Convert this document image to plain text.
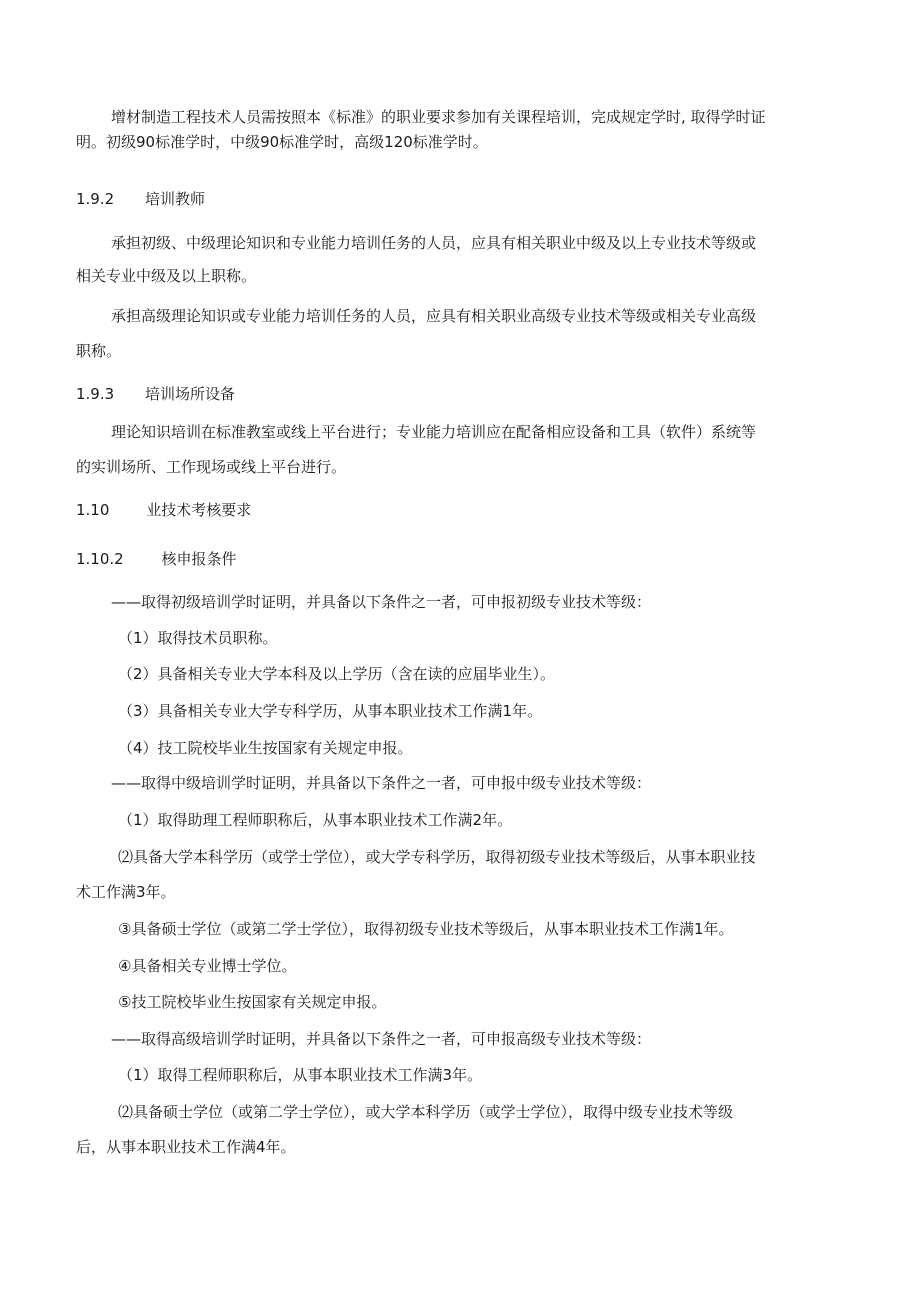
增材制造工程技术人员需按照本《标准》的职业要求参加有关课程培训，完成规定学时, 取得学时证
明。初级90标准学时，中级90标准学时，高级120标准学时。
1.9.2 培训教师
承担初级、中级理论知识和专业能力培训任务的人员，应具有相关职业中级及以上专业技术等级或
相关专业中级及以上职称。
承担高级理论知识或专业能力培训任务的人员，应具有相关职业高级专业技术等级或相关专业高级
职称。
1.9.3 培训场所设备
理论知识培训在标准教室或线上平台进行；专业能力培训应在配备相应设备和工具（软件）系统等
的实训场所、工作现场或线上平台进行。
1.10 业技术考核要求
1.10.2	核申报条件
——取得初级培训学时证明，并具备以下条件之一者，可申报初级专业技术等级：
（1）取得技术员职称。
（2）具备相关专业大学本科及以上学历（含在读的应届毕业生）。
（3）具备相关专业大学专科学历，从事本职业技术工作满1年。
（4）技工院校毕业生按国家有关规定申报。
——取得中级培训学时证明，并具备以下条件之一者，可申报中级专业技术等级：
（1）取得助理工程师职称后，从事本职业技术工作满2年。
⑵具备大学本科学历（或学士学位），或大学专科学历，取得初级专业技术等级后，从事本职业技
术工作满3年。
③具备硕士学位（或第二学士学位），取得初级专业技术等级后，从事本职业技术工作满1年。
④具备相关专业博士学位。
⑤技工院校毕业生按国家有关规定申报。
——取得高级培训学时证明，并具备以下条件之一者，可申报高级专业技术等级：
（1）取得工程师职称后，从事本职业技术工作满3年。
⑵具备硕士学位（或第二学士学位），或大学本科学历（或学士学位），取得中级专业技术等级
后，从事本职业技术工作满4年。
